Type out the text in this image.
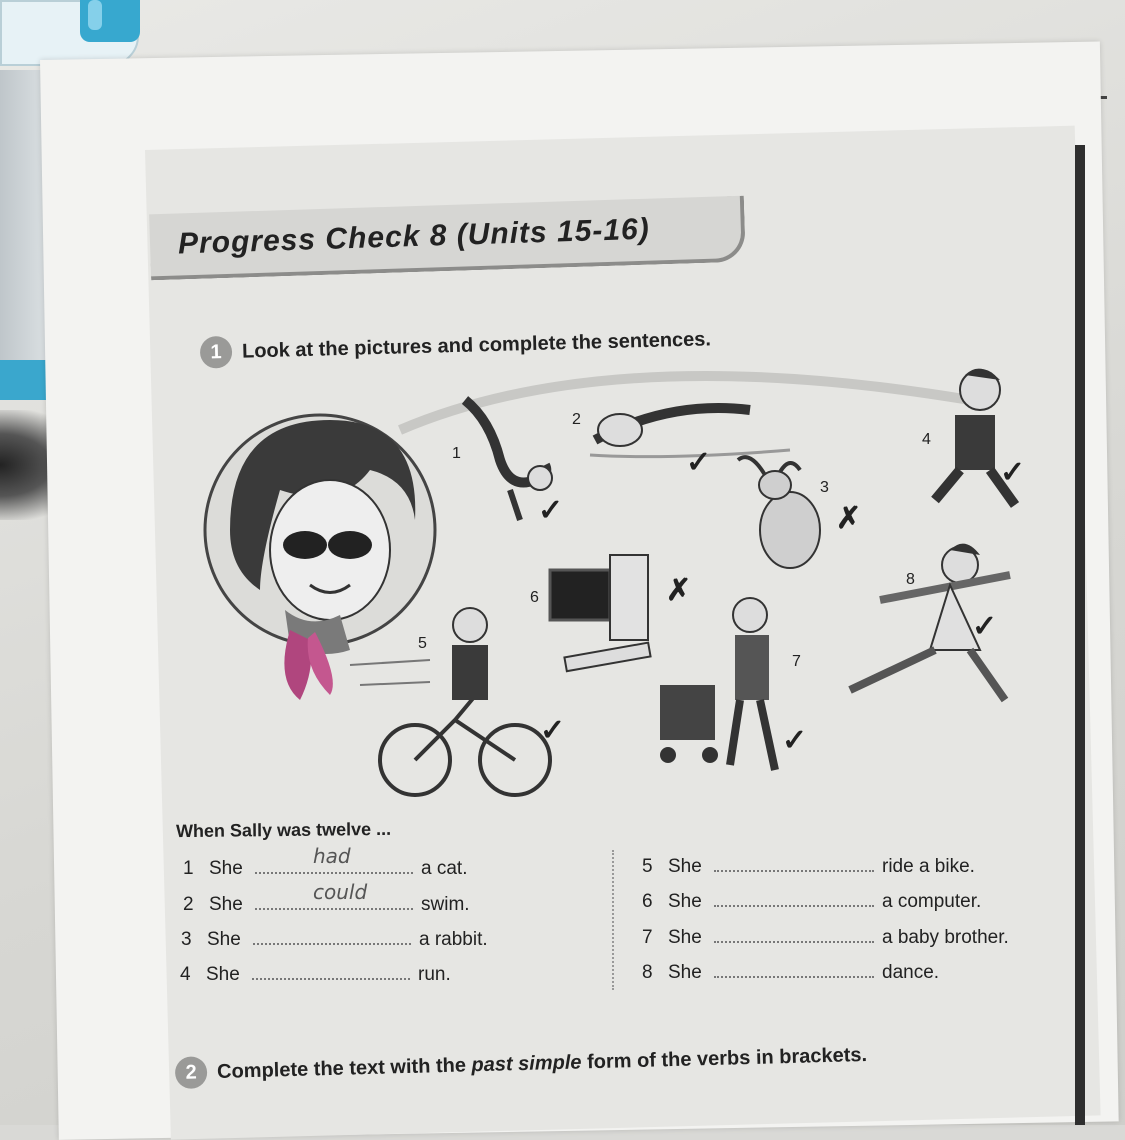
Progress Check 8 (Units 15-16)
1 Look at the pictures and complete the sentences.
1
2
3
4
5
6
7
8
✓
✓
✗
✓
✓
✗
✓
✓
When Sally was twelve ...
1 She
had
a cat.
2 She
could
swim.
3 She	a rabbit.
4 She	run.
5 She	ride a bike.
6 She	a computer.
7 She	a baby brother.
8 She	dance.
2 Complete the text with the past simple form of the verbs in brackets.
